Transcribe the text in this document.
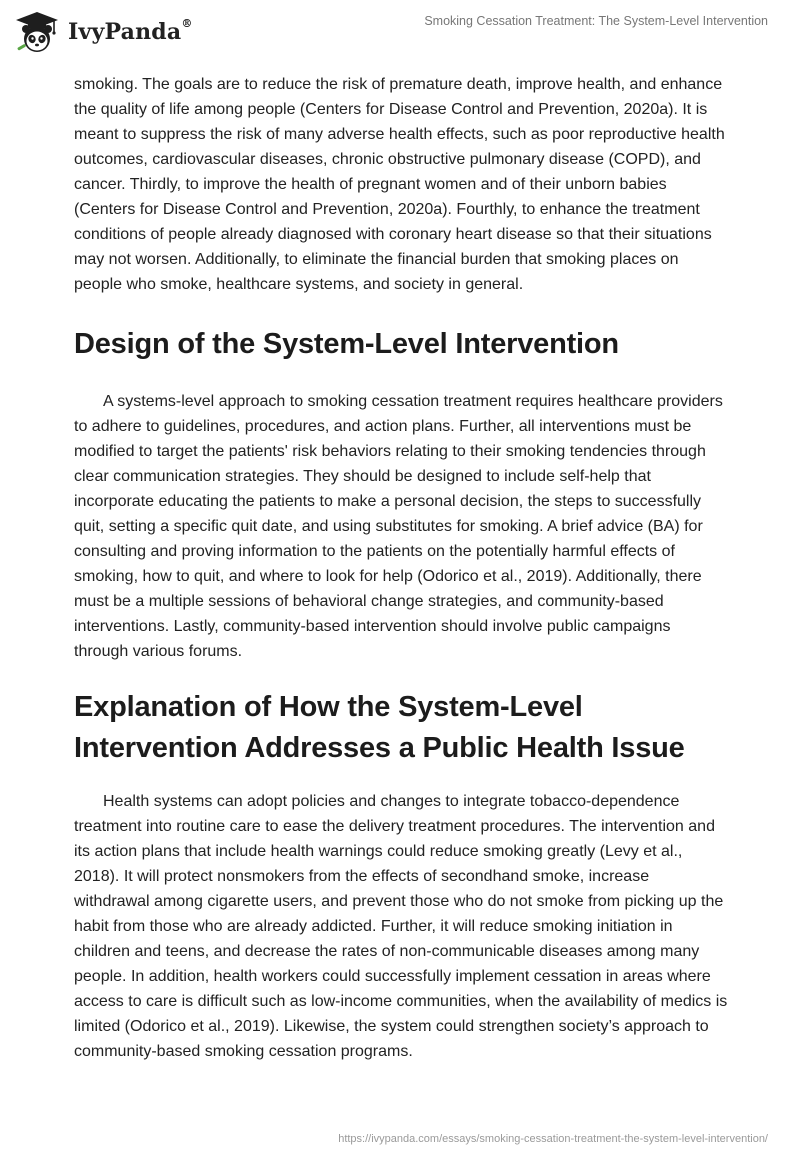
IvyPanda®	Smoking Cessation Treatment: The System-Level Intervention

smoking. The goals are to reduce the risk of premature death, improve health, and enhance the quality of life among people (Centers for Disease Control and Prevention, 2020a). It is meant to suppress the risk of many adverse health effects, such as poor reproductive health outcomes, cardiovascular diseases, chronic obstructive pulmonary disease (COPD), and cancer. Thirdly, to improve the health of pregnant women and of their unborn babies (Centers for Disease Control and Prevention, 2020a). Fourthly, to enhance the treatment conditions of people already diagnosed with coronary heart disease so that their situations may not worsen. Additionally, to eliminate the financial burden that smoking places on people who smoke, healthcare systems, and society in general.

Design of the System-Level Intervention

A systems-level approach to smoking cessation treatment requires healthcare providers to adhere to guidelines, procedures, and action plans. Further, all interventions must be modified to target the patients' risk behaviors relating to their smoking tendencies through clear communication strategies. They should be designed to include self-help that incorporate educating the patients to make a personal decision, the steps to successfully quit, setting a specific quit date, and using substitutes for smoking. A brief advice (BA) for consulting and proving information to the patients on the potentially harmful effects of smoking, how to quit, and where to look for help (Odorico et al., 2019). Additionally, there must be a multiple sessions of behavioral change strategies, and community-based interventions. Lastly, community-based intervention should involve public campaigns through various forums.

Explanation of How the System-Level
Intervention Addresses a Public Health Issue

Health systems can adopt policies and changes to integrate tobacco-dependence treatment into routine care to ease the delivery treatment procedures. The intervention and its action plans that include health warnings could reduce smoking greatly (Levy et al., 2018). It will protect nonsmokers from the effects of secondhand smoke, increase withdrawal among cigarette users, and prevent those who do not smoke from picking up the habit from those who are already addicted. Further, it will reduce smoking initiation in children and teens, and decrease the rates of non-communicable diseases among many people. In addition, health workers could successfully implement cessation in areas where access to care is difficult such as low-income communities, when the availability of medics is limited (Odorico et al., 2019). Likewise, the system could strengthen society’s approach to community-based smoking cessation programs.

https://ivypanda.com/essays/smoking-cessation-treatment-the-system-level-intervention/
